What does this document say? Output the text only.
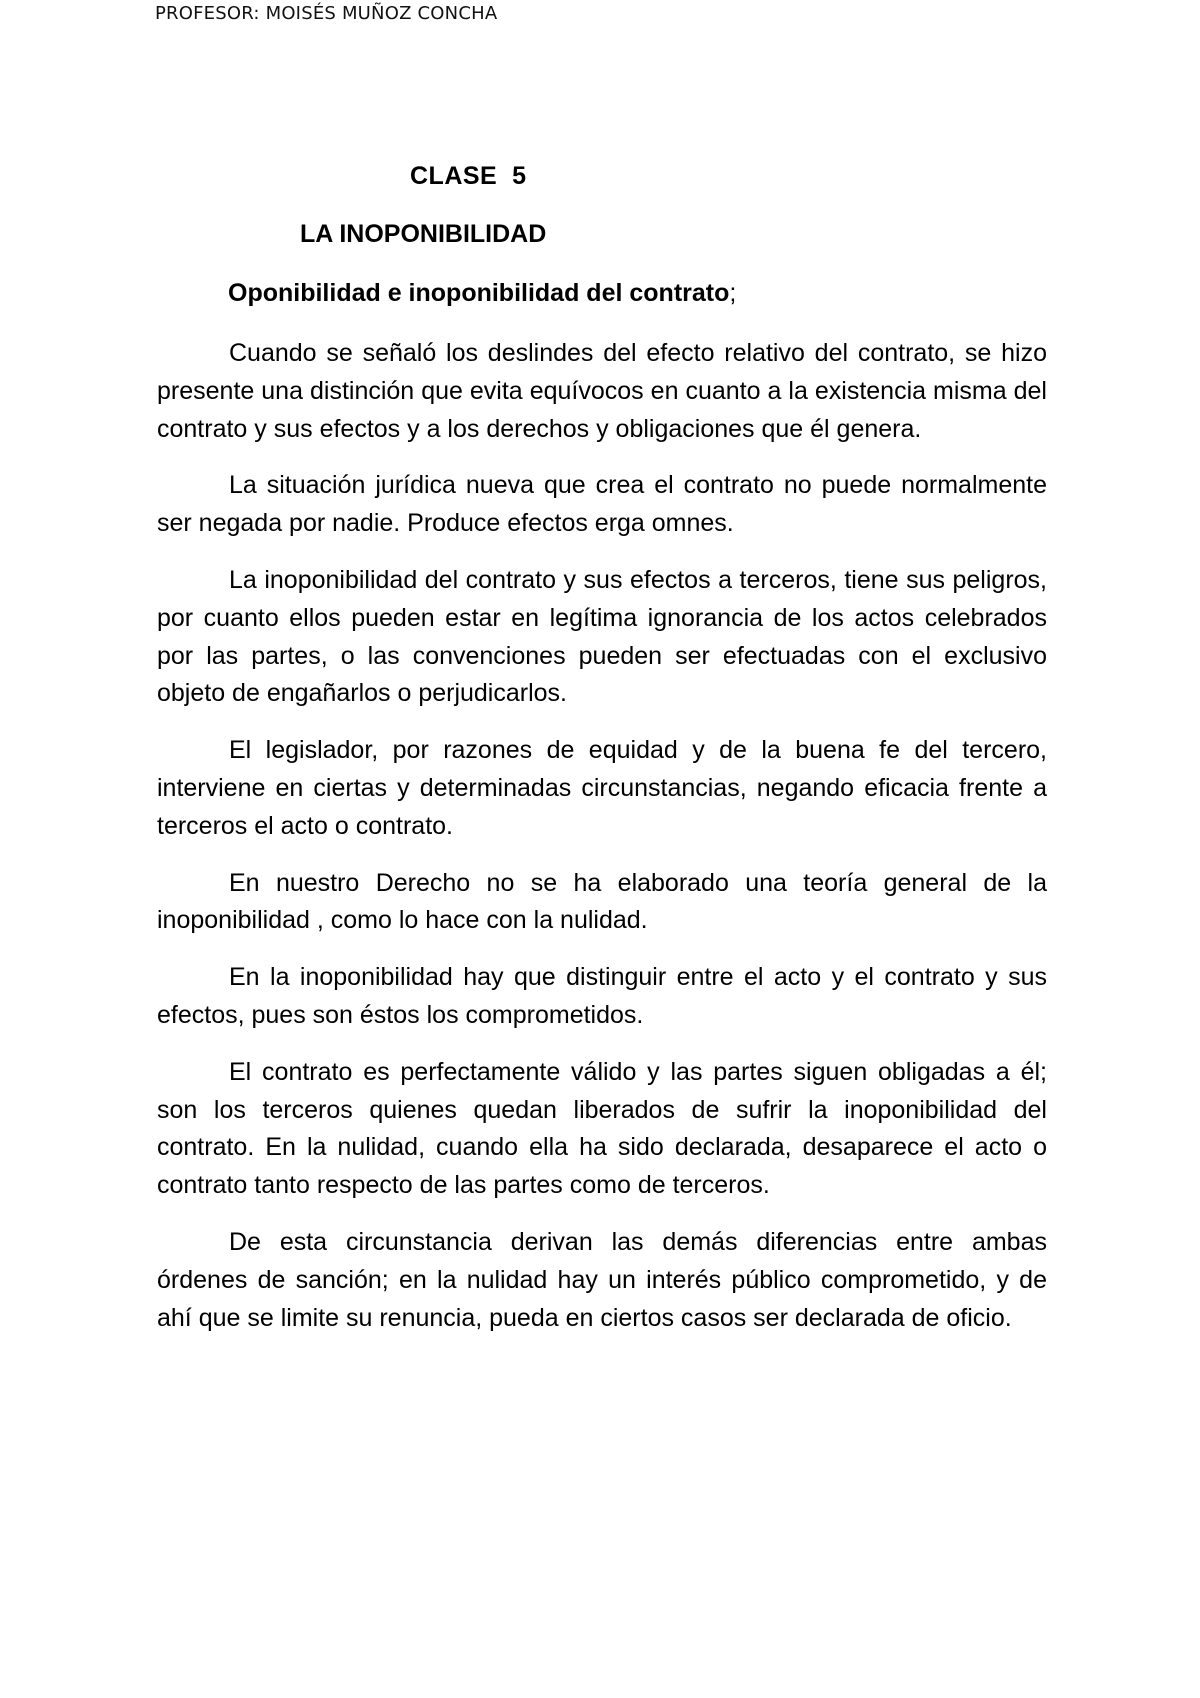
PROFESOR: MOISÉS MUÑOZ CONCHA
CLASE  5
LA INOPONIBILIDAD
Oponibilidad e inoponibilidad del contrato;

Cuando se señaló los deslindes del efecto relativo del contrato, se hizo presente una distinción que evita equívocos en cuanto a la existencia misma del contrato y sus efectos y a los derechos y obligaciones que él genera.

La situación jurídica nueva que crea el contrato no puede normalmente ser negada por nadie. Produce efectos erga omnes.

La inoponibilidad del contrato y sus efectos a terceros, tiene sus peligros, por cuanto ellos pueden estar en legítima ignorancia de los actos celebrados por las partes, o las convenciones pueden ser efectuadas con el exclusivo objeto de engañarlos o perjudicarlos.

El legislador, por razones de equidad y de la buena fe del tercero, interviene en ciertas y determinadas circunstancias, negando eficacia frente a terceros el acto o contrato.

En nuestro Derecho no se ha elaborado una teoría general de la inoponibilidad , como lo hace con la nulidad.

En la inoponibilidad hay que distinguir entre el acto y el contrato y sus efectos, pues son éstos los comprometidos.

El contrato es perfectamente válido y las partes siguen obligadas a él; son los terceros quienes quedan liberados de sufrir la inoponibilidad del contrato. En la nulidad, cuando ella ha sido declarada, desaparece el acto o contrato tanto respecto de las partes como de terceros.

De esta circunstancia derivan las demás diferencias entre ambas órdenes de sanción; en la nulidad hay un interés público comprometido, y de ahí que se limite su renuncia, pueda en ciertos casos ser declarada de oficio.
